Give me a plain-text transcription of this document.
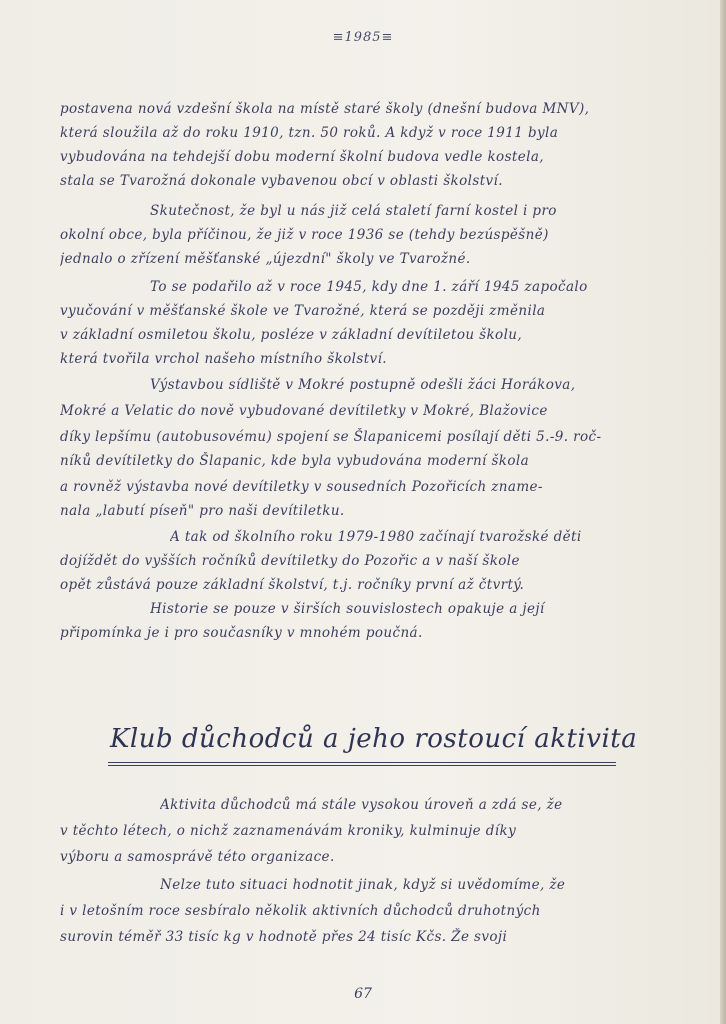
≡1985≡
postavena nová vzdešní škola na místě staré školy (dnešní budova MNV),
která sloužila až do roku 1910, tzn. 50 roků. A když v roce 1911 byla
vybudována na tehdejší dobu moderní školní budova vedle kostela,
stala se Tvarožná dokonale vybavenou obcí v oblasti školství.
Skutečnost, že byl u nás již celá staletí farní kostel i pro
okolní obce, byla příčinou, že již v roce 1936 se (tehdy bezúspěšně)
jednalo o zřízení měšťanské „újezdní" školy ve Tvarožné.
To se podařilo až v roce 1945, kdy dne 1. září 1945 započalo
vyučování v měšťanské škole ve Tvarožné, která se později změnila
v základní osmiletou školu, posléze v základní devítiletou školu,
která tvořila vrchol našeho místního školství.
Výstavbou sídliště v Mokré postupně odešli žáci Horákova,
Mokré a Velatic do nově vybudované devítiletky v Mokré, Blažovice
díky lepšímu (autobusovému) spojení se Šlapanicemi posílají děti 5.-9. roč-
níků devítiletky do Šlapanic, kde byla vybudována moderní škola
a rovněž výstavba nové devítiletky v sousedních Pozořicích zname-
nala „labutí píseň" pro naši devítiletku.
A tak od školního roku 1979-1980 začínají tvarožské děti
dojíždět do vyšších ročníků devítiletky do Pozořic a v naší škole
opět zůstává pouze základní školství, t.j. ročníky první až čtvrtý.
Historie se pouze v širších souvislostech opakuje a její
připomínka je i pro současníky v mnohém poučná.
Klub důchodců a jeho rostoucí aktivita
Aktivita důchodců má stále vysokou úroveň a zdá se, že
v těchto létech, o nichž zaznamenávám kroniky, kulminuje díky
výboru a samosprávě této organizace.
Nelze tuto situaci hodnotit jinak, když si uvědomíme, že
i v letošním roce sesbíralo několik aktivních důchodců druhotných
surovin téměř 33 tisíc kg v hodnotě přes 24 tisíc Kčs. Že svoji
67
